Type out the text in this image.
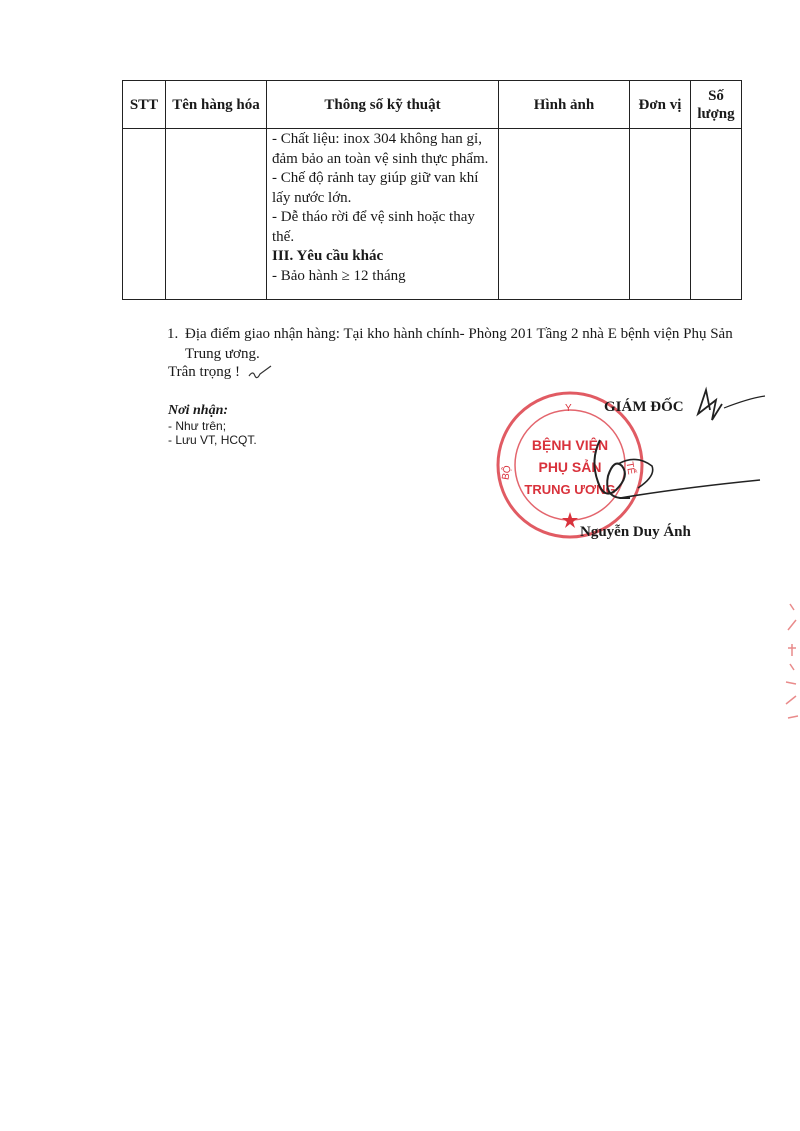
STT	Tên hàng hóa	Thông số kỹ thuật	Hình ảnh	Đơn vị	Số lượng

		- Chất liệu: inox 304 không han gỉ, đảm bảo an toàn vệ sinh thực phẩm.

- Chế độ rảnh tay giúp giữ van khí lấy nước lớn.

- Dễ tháo rời để vệ sinh hoặc thay thế.

III. Yêu cầu khác

- Bảo hành ≥ 12 tháng			

1. Địa điểm giao nhận hàng: Tại kho hành chính- Phòng 201 Tầng 2 nhà E bệnh viện Phụ Sản Trung ương.
Trân trọng !
Nơi nhận:
- Như trên;
- Lưu VT, HCQT.
Y
BỘ	TẾ
BỆNH VIỆN
PHỤ SẢN
TRUNG ƯƠNG
GIÁM ĐỐC
Nguyễn Duy Ánh
